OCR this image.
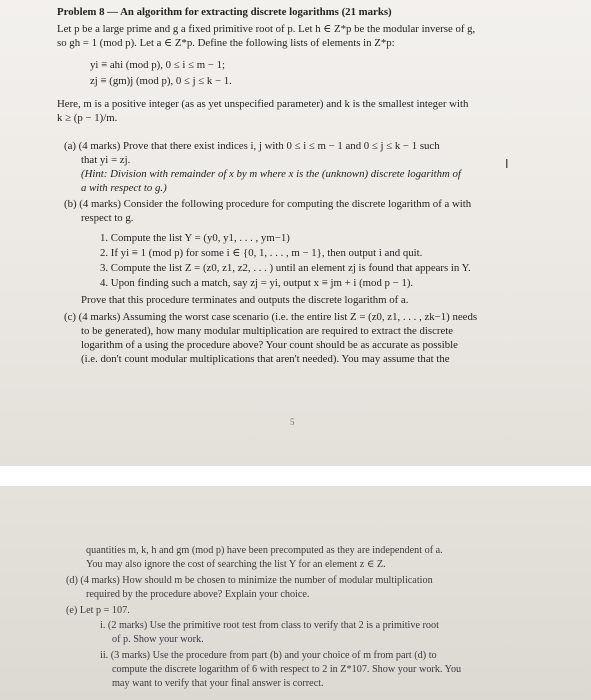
Problem 8 — An algorithm for extracting discrete logarithms (21 marks)
Let p be a large prime and g a fixed primitive root of p. Let h ∈ Z*p be the modular inverse of g,
so gh = 1 (mod p). Let a ∈ Z*p. Define the following lists of elements in Z*p:
yi ≡ ahi (mod p), 0 ≤ i ≤ m − 1;
zj ≡ (gm)j (mod p), 0 ≤ j ≤ k − 1.
Here, m is a positive integer (as as yet unspecified parameter) and k is the smallest integer with
k ≥ (p − 1)/m.
(a) (4 marks) Prove that there exist indices i, j with 0 ≤ i ≤ m − 1 and 0 ≤ j ≤ k − 1 such
that yi = zj.
(Hint: Division with remainder of x by m where x is the (unknown) discrete logarithm of
a with respect to g.)
I
(b) (4 marks) Consider the following procedure for computing the discrete logarithm of a with
respect to g.
1. Compute the list Y = (y0, y1, . . . , ym−1)
2. If yi ≡ 1 (mod p) for some i ∈ {0, 1, . . . , m − 1}, then output i and quit.
3. Compute the list Z = (z0, z1, z2, . . . ) until an element zj is found that appears in Y.
4. Upon finding such a match, say zj = yi, output x ≡ jm + i (mod p − 1).
Prove that this procedure terminates and outputs the discrete logarithm of a.
(c) (4 marks) Assuming the worst case scenario (i.e. the entire list Z = (z0, z1, . . . , zk−1) needs
to be generated), how many modular multiplication are required to extract the discrete
logarithm of a using the procedure above? Your count should be as accurate as possible
(i.e. don't count modular multiplications that aren't needed). You may assume that the
5
quantities m, k, h and gm (mod p) have been precomputed as they are independent of a.
You may also ignore the cost of searching the list Y for an element z ∈ Z.
(d) (4 marks) How should m be chosen to minimize the number of modular multiplication
required by the procedure above? Explain your choice.
(e) Let p = 107.
i. (2 marks) Use the primitive root test from class to verify that 2 is a primitive root
of p. Show your work.
ii. (3 marks) Use the procedure from part (b) and your choice of m from part (d) to
compute the discrete logarithm of 6 with respect to 2 in Z*107. Show your work. You
may want to verify that your final answer is correct.
